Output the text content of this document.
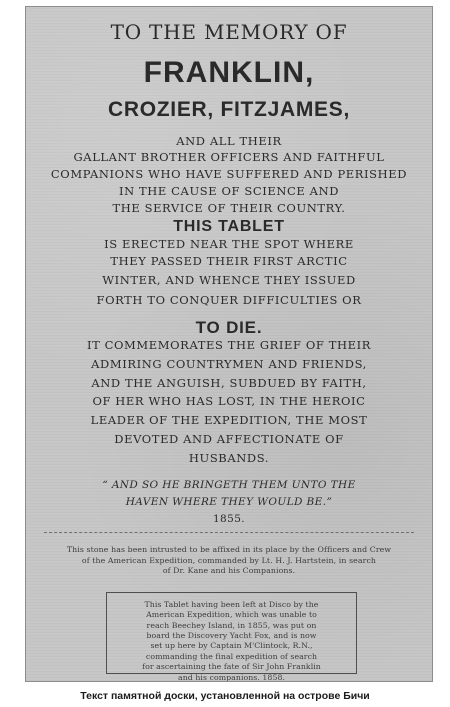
TO THE MEMORY OF
FRANKLIN,
CROZIER, FITZJAMES,
AND ALL THEIR
GALLANT BROTHER OFFICERS AND FAITHFUL
COMPANIONS WHO HAVE SUFFERED AND PERISHED
IN THE CAUSE OF SCIENCE AND
THE SERVICE OF THEIR COUNTRY.
THIS TABLET
IS ERECTED NEAR THE SPOT WHERE
THEY PASSED THEIR FIRST ARCTIC
WINTER, AND WHENCE THEY ISSUED
FORTH TO CONQUER DIFFICULTIES OR
TO DIE.
IT COMMEMORATES THE GRIEF OF THEIR
ADMIRING COUNTRYMEN AND FRIENDS,
AND THE ANGUISH, SUBDUED BY FAITH,
OF HER WHO HAS LOST, IN THE HEROIC
LEADER OF THE EXPEDITION, THE MOST
DEVOTED AND AFFECTIONATE OF
HUSBANDS.
“ AND SO HE BRINGETH THEM UNTO THE
HAVEN WHERE THEY WOULD BE.”
1855.
This stone has been intrusted to be affixed in its place by the Officers and Crew
of the American Expedition, commanded by Lt. H. J. Hartstein, in search
of Dr. Kane and his Companions.
This Tablet having been left at Disco by the
American Expedition, which was unable to
reach Beechey Island, in 1855, was put on
board the Discovery Yacht Fox, and is now
set up here by Captain M'Clintock, R.N.,
commanding the final expedition of search
for ascertaining the fate of Sir John Franklin
and his companions. 1858.
Текст памятной доски, установленной на острове Бичи
